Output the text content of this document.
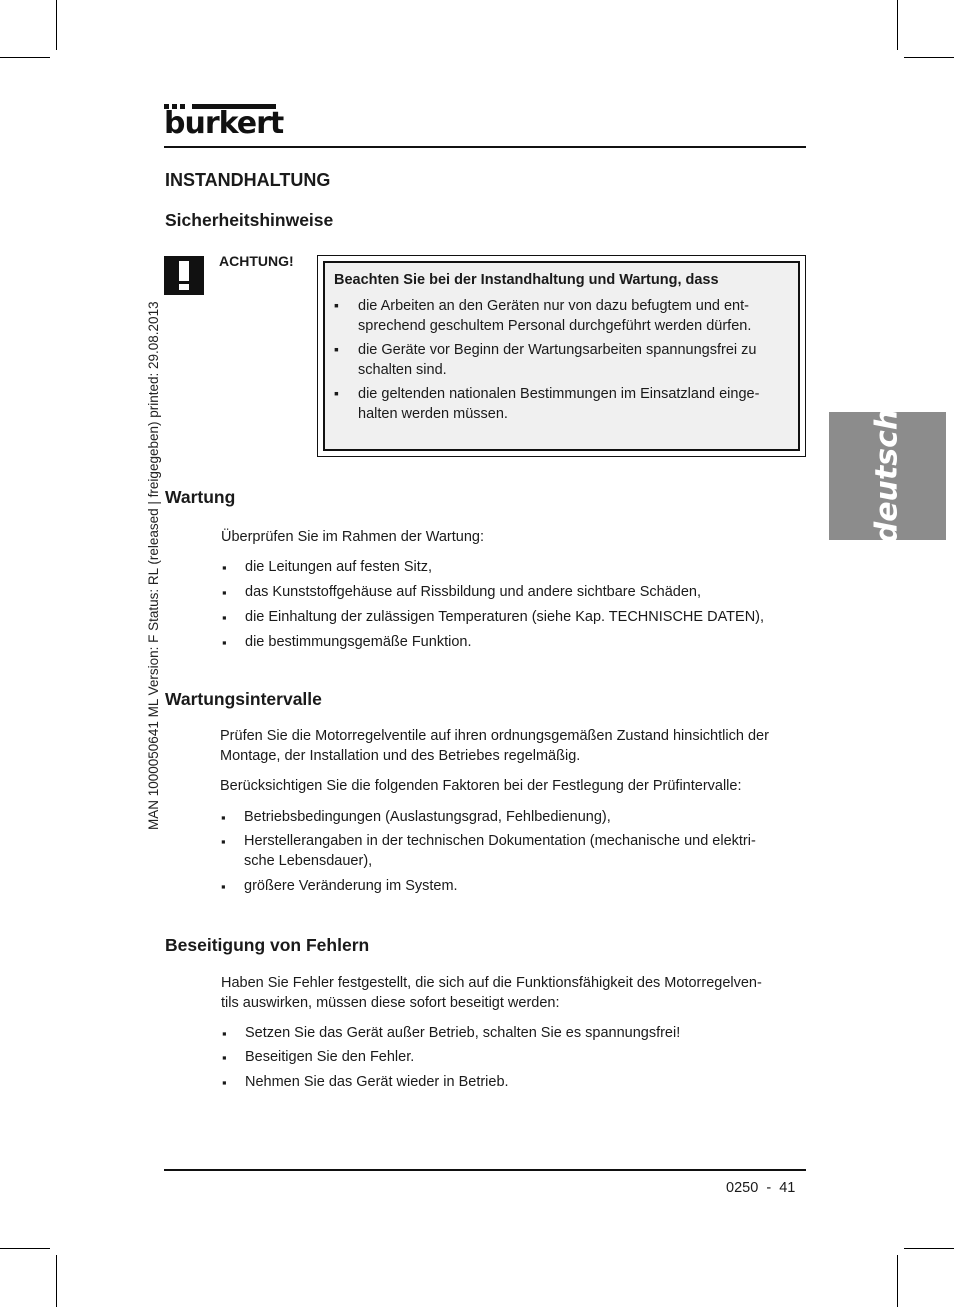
burkert
MAN 1000050641 ML Version: F Status: RL (released | freigegeben) printed: 29.08.2013	deutsch
INSTANDHALTUNG
Sicherheitshinweise
ACHTUNG!
Beachten Sie bei der Instandhaltung und Wartung, dass
▪ die Arbeiten an den Geräten nur von dazu befugtem und ent-
sprechend geschultem Personal durchgeführt werden dürfen.
▪ die Geräte vor Beginn der Wartungsarbeiten spannungsfrei zu
schalten sind.
▪ die geltenden nationalen Bestimmungen im Einsatzland einge-
halten werden müssen.
Wartung
Überprüfen Sie im Rahmen der Wartung:
▪ die Leitungen auf festen Sitz,
▪ das Kunststoffgehäuse auf Rissbildung und andere sichtbare Schäden,
▪ die Einhaltung der zulässigen Temperaturen (siehe Kap. TECHNISCHE DATEN),
▪ die bestimmungsgemäße Funktion.
Wartungsintervalle
Prüfen Sie die Motorregelventile auf ihren ordnungsgemäßen Zustand hinsichtlich der
Montage, der Installation und des Betriebes regelmäßig.
Berücksichtigen Sie die folgenden Faktoren bei der Festlegung der Prüfintervalle:
▪ Betriebsbedingungen (Auslastungsgrad, Fehlbedienung),
▪ Herstellerangaben in der technischen Dokumentation (mechanische und elektri-
sche Lebensdauer),
▪ größere Veränderung im System.
Beseitigung von Fehlern
Haben Sie Fehler festgestellt, die sich auf die Funktionsfähigkeit des Motorregelven-
tils auswirken, müssen diese sofort beseitigt werden:
▪ Setzen Sie das Gerät außer Betrieb, schalten Sie es spannungsfrei!
▪ Beseitigen Sie den Fehler.
▪ Nehmen Sie das Gerät wieder in Betrieb.
0250  -  41
